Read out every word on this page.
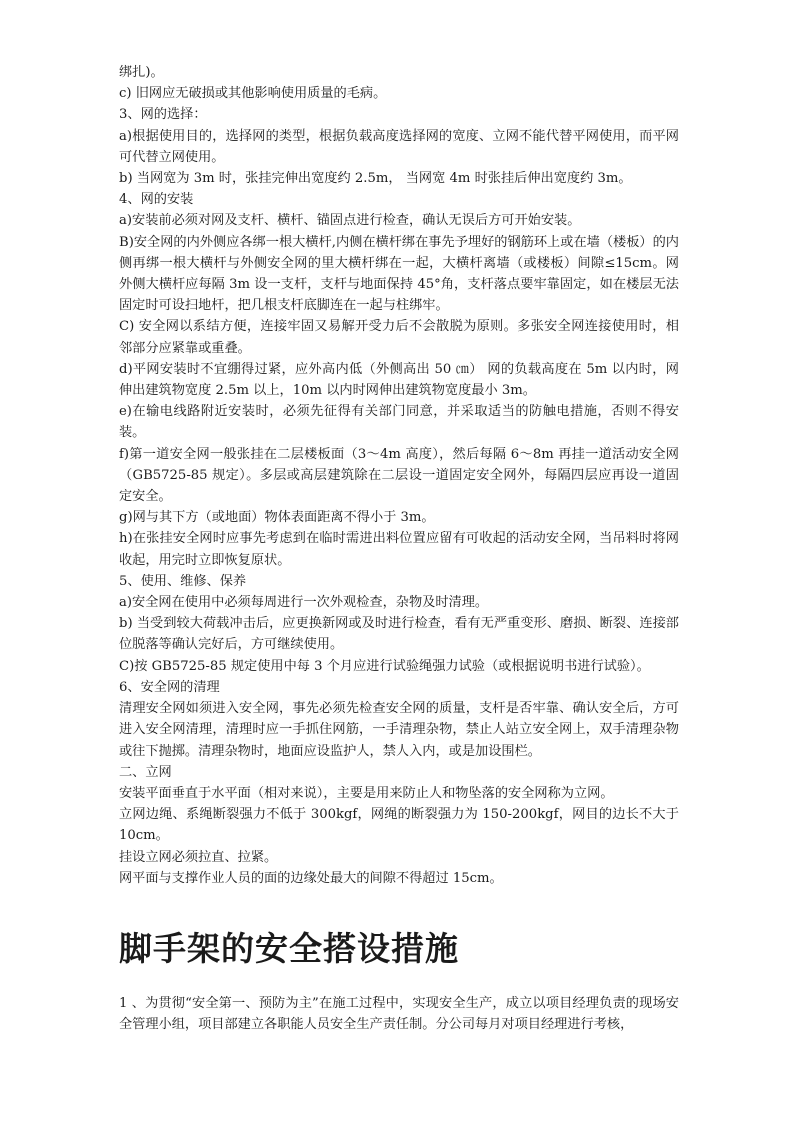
绑扎)。

c) 旧网应无破损或其他影响使用质量的毛病。

3、网的选择：

a)根据使用目的，选择网的类型，根据负载高度选择网的宽度、立网不能代替平网使用，而平网可代替立网使用。

b) 当网宽为 3m 时，张挂完伸出宽度约 2.5m， 当网宽 4m 时张挂后伸出宽度约 3m。

4、网的安装

a)安装前必须对网及支杆、横杆、锚固点进行检查，确认无误后方可开始安装。

B)安全网的内外侧应各绑一根大横杆,内侧在横杆绑在事先予埋好的钢筋环上或在墙（楼板）的内侧再绑一根大横杆与外侧安全网的里大横杆绑在一起，大横杆离墙（或楼板）间隙≤15cm。网外侧大横杆应每隔 3m 设一支杆，支杆与地面保持 45°角，支杆落点要牢靠固定，如在楼层无法固定时可设扫地杆，把几根支杆底脚连在一起与柱绑牢。

C) 安全网以系结方便，连接牢固又易解开受力后不会散脱为原则。多张安全网连接使用时，相邻部分应紧靠或重叠。

d)平网安装时不宜绷得过紧，应外高内低（外侧高出 50 ㎝） 网的负载高度在 5m 以内时，网伸出建筑物宽度 2.5m 以上，10m 以内时网伸出建筑物宽度最小 3m。

e)在输电线路附近安装时，必须先征得有关部门同意，并采取适当的防触电措施，否则不得安装。

f)第一道安全网一般张挂在二层楼板面（3～4m 高度），然后每隔 6～8m 再挂一道活动安全网（GB5725-85 规定）。多层或高层建筑除在二层设一道固定安全网外，每隔四层应再设一道固定安全。

g)网与其下方（或地面）物体表面距离不得小于 3m。

h)在张挂安全网时应事先考虑到在临时需进出料位置应留有可收起的活动安全网，当吊料时将网收起，用完时立即恢复原状。

5、使用、维修、保养

a)安全网在使用中必须每周进行一次外观检查，杂物及时清理。

b) 当受到较大荷载冲击后，应更换新网或及时进行检查，看有无严重变形、磨损、断裂、连接部位脱落等确认完好后，方可继续使用。

C)按 GB5725-85 规定使用中每 3 个月应进行试验绳强力试验（或根据说明书进行试验）。

6、安全网的清理

清理安全网如须进入安全网，事先必须先检查安全网的质量，支杆是否牢靠、确认安全后，方可进入安全网清理，清理时应一手抓住网筋，一手清理杂物，禁止人站立安全网上，双手清理杂物或往下抛掷。清理杂物时，地面应设监护人，禁人入内，或是加设围栏。

二、立网

安装平面垂直于水平面（相对来说），主要是用来防止人和物坠落的安全网称为立网。

立网边绳、系绳断裂强力不低于 300kgf，网绳的断裂强力为 150-200kgf，网目的边长不大于10cm。

挂设立网必须拉直、拉紧。

网平面与支撑作业人员的面的边缘处最大的间隙不得超过 15cm。

脚手架的安全搭设措施

1 、为贯彻“安全第一、预防为主”在施工过程中，实现安全生产，成立以项目经理负责的现场安全管理小组，项目部建立各职能人员安全生产责任制。分公司每月对项目经理进行考核，
